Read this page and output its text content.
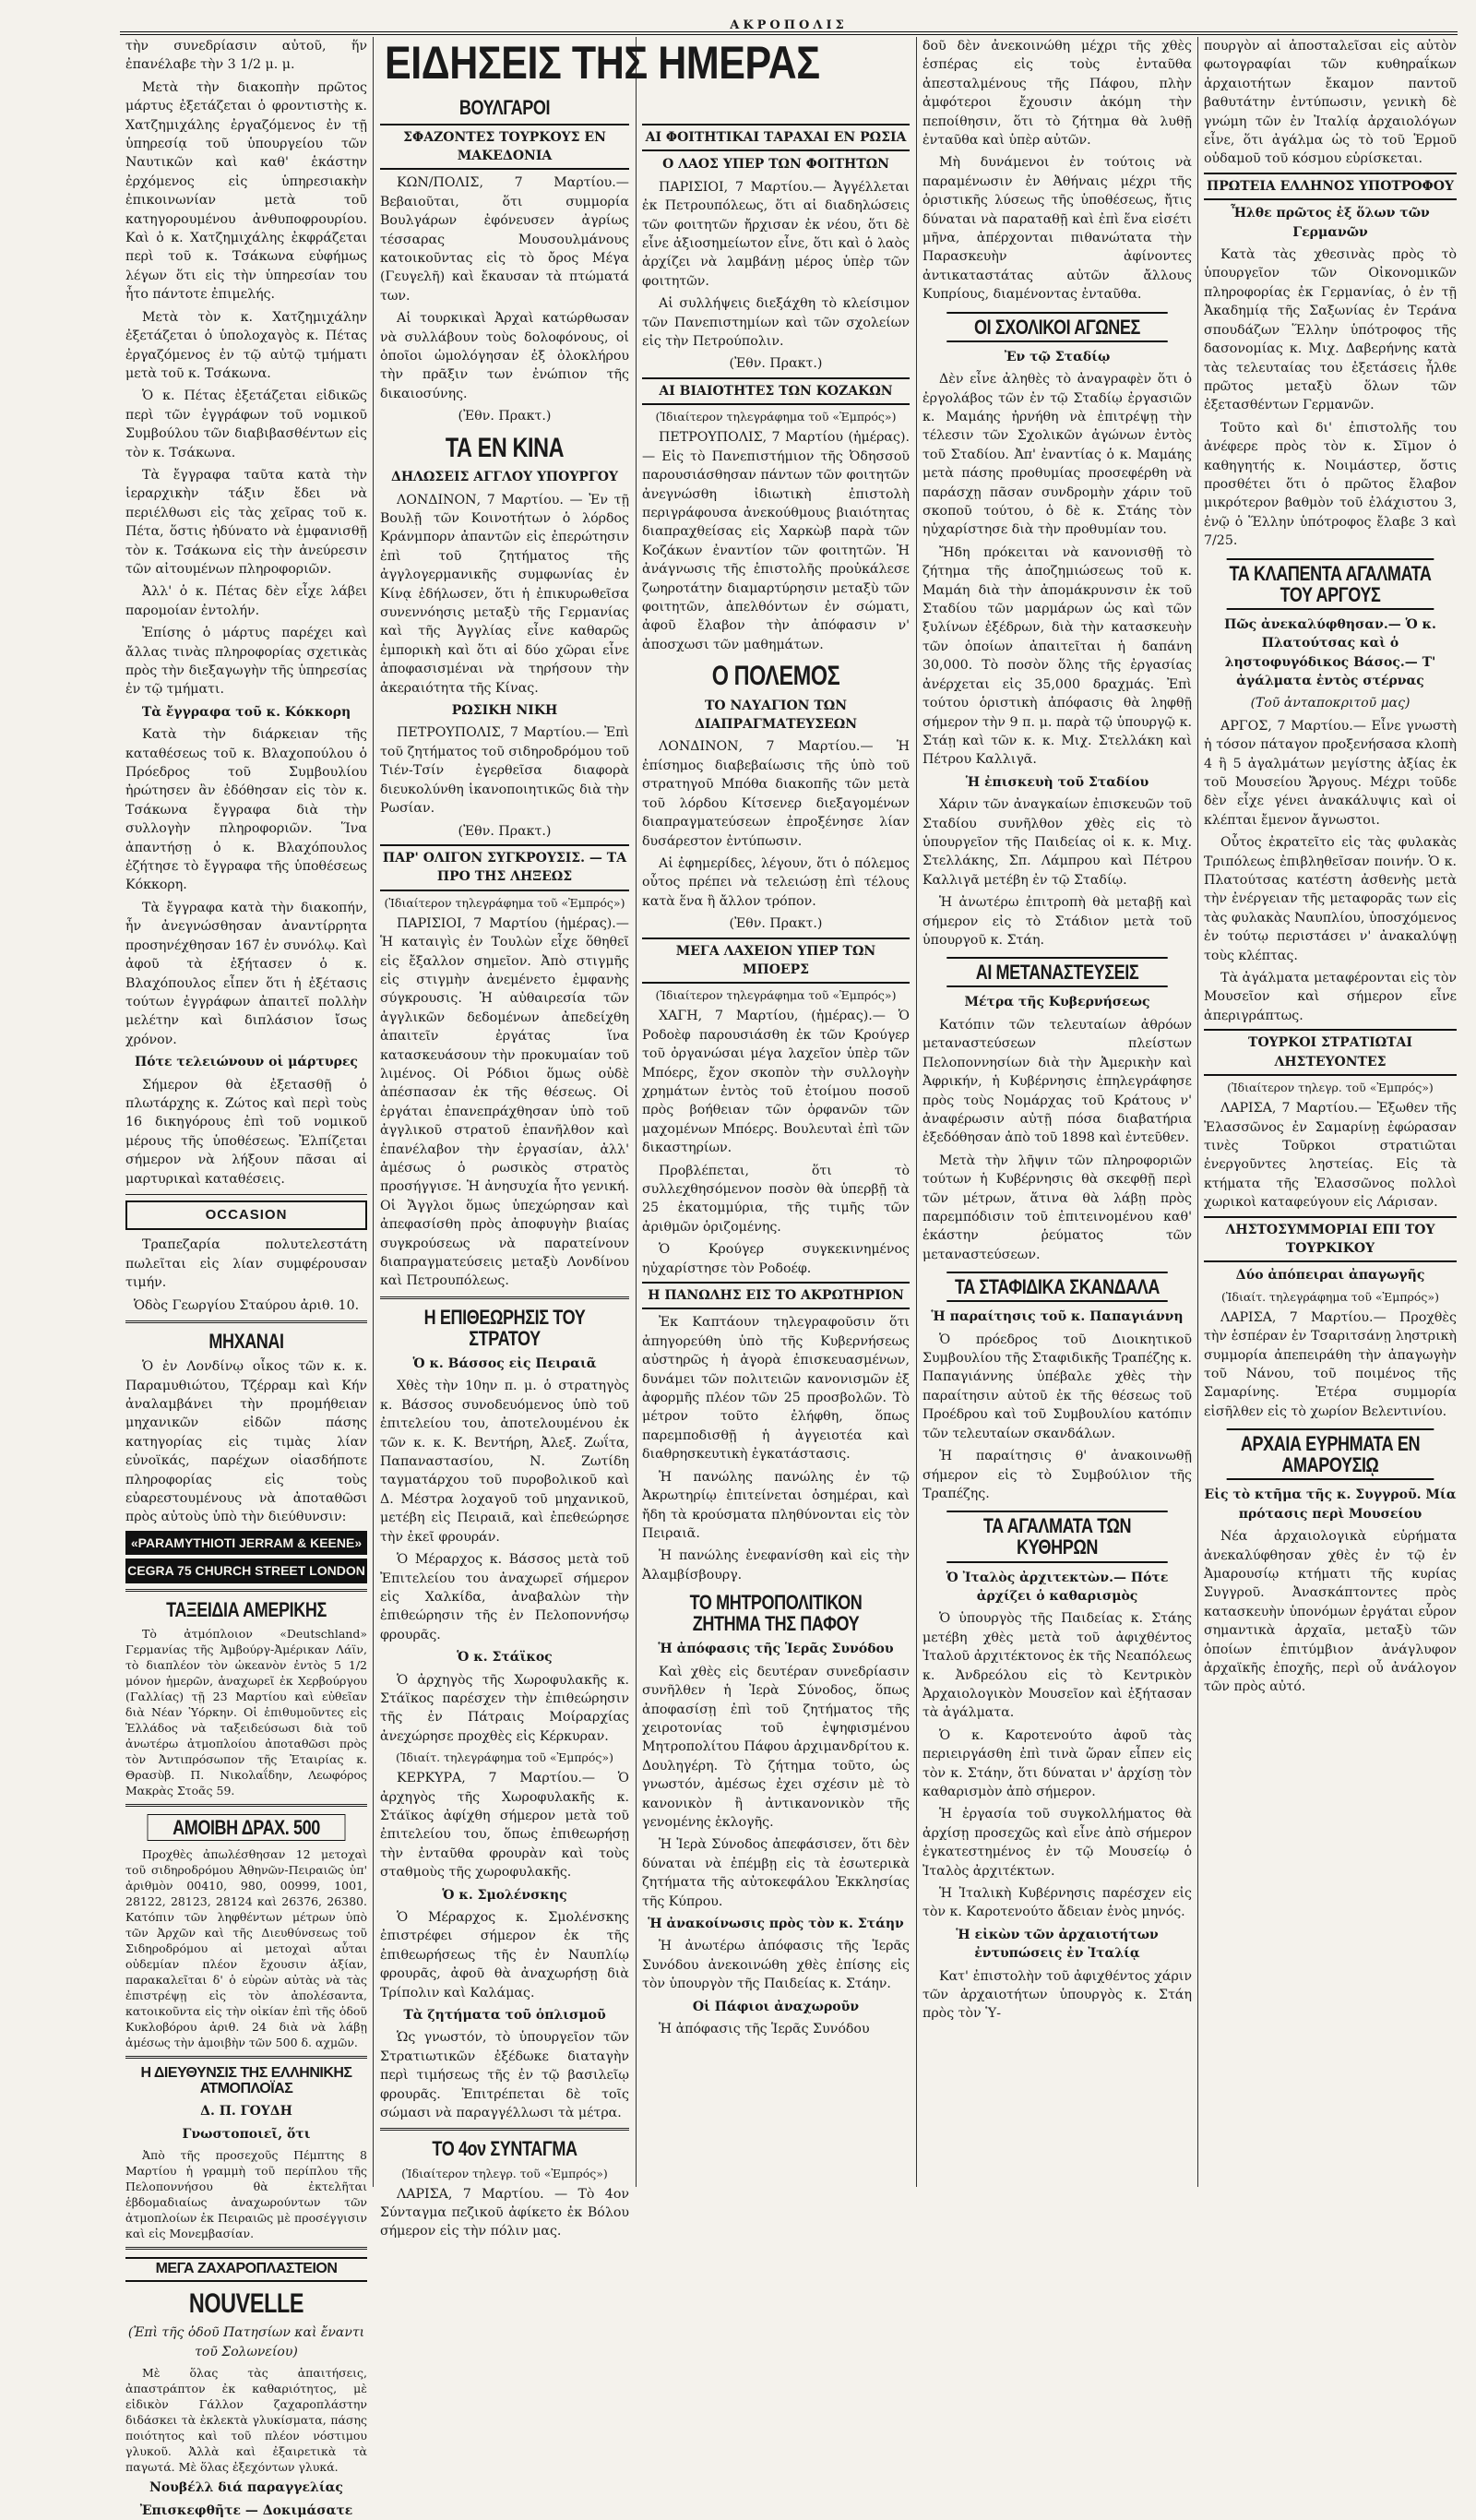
ΑΚΡΟΠΟΛΙΣ

τὴν συνεδρίασιν αὐτοῦ, ἥν ἐπανέλαβε τὴν 3 1/2 μ. μ.

Μετὰ τὴν διακοπὴν πρῶτος μάρτυς ἐξετάζεται ὁ φροντιστὴς κ. Χατζημιχάλης ἐργαζόμενος ἐν τῇ ὑπηρεσίᾳ τοῦ ὑπουργείου τῶν Ναυτικῶν καὶ καθ' ἑκάστην ἐρχόμενος εἰς ὑπηρεσιακὴν ἐπικοινωνίαν μετὰ τοῦ κατηγορουμένου ἀνθυποφρουρίου. Καὶ ὁ κ. Χατζημιχάλης ἐκφράζεται περὶ τοῦ κ. Τσάκωνα εὐφήμως λέγων ὅτι εἰς τὴν ὑπηρεσίαν του ἦτο πάντοτε ἐπιμελής.

Μετὰ τὸν κ. Χατζημιχάλην ἐξετάζεται ὁ ὑπολοχαγὸς κ. Πέτας ἐργαζόμενος ἐν τῷ αὐτῷ τμήματι μετὰ τοῦ κ. Τσάκωνα.

Ὁ κ. Πέτας ἐξετάζεται εἰδικῶς περὶ τῶν ἐγγράφων τοῦ νομικοῦ Συμβούλου τῶν διαβιβασθέντων εἰς τὸν κ. Τσάκωνα.

Τὰ ἔγγραφα ταῦτα κατὰ τὴν ἱεραρχικὴν τάξιν ἔδει νὰ περιέλθωσι εἰς τὰς χεῖρας τοῦ κ. Πέτα, ὅστις ἠδύνατο νὰ ἐμφανισθῇ τὸν κ. Τσάκωνα εἰς τὴν ἀνεύρεσιν τῶν αἰτουμένων πληροφοριῶν.

Ἀλλ' ὁ κ. Πέτας δὲν εἶχε λάβει παρομοίαν ἐντολήν.

Ἐπίσης ὁ μάρτυς παρέχει καὶ ἄλλας τινὰς πληροφορίας σχετικὰς πρὸς τὴν διεξαγωγὴν τῆς ὑπηρεσίας ἐν τῷ τμήματι.

Τὰ ἔγγραφα τοῦ κ. Κόκκορη

Κατὰ τὴν διάρκειαν τῆς καταθέσεως τοῦ κ. Βλαχοπούλου ὁ Πρόεδρος τοῦ Συμβουλίου ἠρώτησεν ἂν ἐδόθησαν εἰς τὸν κ. Τσάκωνα ἔγγραφα διὰ τὴν συλλογὴν πληροφοριῶν. Ἵνα ἀπαντήσῃ ὁ κ. Βλαχόπουλος ἐζήτησε τὸ ἔγγραφα τῆς ὑποθέσεως Κόκκορη.

Τὰ ἔγγραφα κατὰ τὴν διακοπήν, ἦν ἀνεγνώσθησαν ἀναντίρρητα προσηνέχθησαν 167 ἐν συνόλῳ. Καὶ ἀφοῦ τὰ ἐξήτασεν ὁ κ. Βλαχόπουλος εἶπεν ὅτι ἡ ἐξέτασις τούτων ἐγγράφων ἀπαιτεῖ πολλὴν μελέτην καὶ διπλάσιον ἴσως χρόνον.

Πότε τελειώνουν οἱ μάρτυρες

Σήμερον θὰ ἐξετασθῇ ὁ πλωτάρχης κ. Ζώτος καὶ περὶ τοὺς 16 δικηγόρους ἐπὶ τοῦ νομικοῦ μέρους τῆς ὑποθέσεως. Ἐλπίζεται σήμερον νὰ λήξουν πᾶσαι αἱ μαρτυρικαὶ καταθέσεις.

OCCASION

Τραπεζαρία πολυτελεστάτη πωλεῖται εἰς λίαν συμφέρουσαν τιμήν.

Ὁδὸς Γεωργίου Σταύρου ἀριθ. 10.

ΜΗΧΑΝΑΙ

Ὁ ἐν Λονδίνῳ οἶκος τῶν κ. κ. Παραμυθιώτου, Τζέρραμ καὶ Κήν ἀναλαμβάνει τὴν προμήθειαν μηχανικῶν εἰδῶν πάσης κατηγορίας εἰς τιμὰς λίαν εὐνοϊκάς, παρέχων οἱασδήποτε πληροφορίας εἰς τοὺς εὐαρεστουμένους νὰ ἀποταθῶσι πρὸς αὐτοὺς ὑπὸ τὴν διεύθυνσιν:

«PARAMYTHIOTI JERRAM & KEENE»
CEGRA 75 CHURCH STREET LONDON
ΤΑΞΕΙΔΙΑ ΑΜΕΡΙΚΗΣ

Τὸ ἀτμόπλοιον «Deutschland» Γερμανίας τῆς Ἀμβούργ-Ἀμέρικαν Λάϊν, τὸ διαπλέον τὸν ὠκεανὸν ἐντὸς 5 1/2 μόνον ἡμερῶν, ἀναχωρεῖ ἐκ Χερβούργου (Γαλλίας) τῇ 23 Μαρτίου καὶ εὐθεῖαν διὰ Νέαν Ὑόρκην. Οἱ ἐπιθυμοῦντες εἰς Ἑλλάδος νὰ ταξειδεύσωσι διὰ τοῦ ἀνωτέρω ἀτμοπλοίου ἀποταθῶσι πρὸς τὸν Ἀντιπρόσωπον τῆς Ἑταιρίας κ. Θρασὺβ. Π. Νικολαΐδην, Λεωφόρος Μακρὰς Στοᾶς 59.

ΑΜΟΙΒΗ ΔΡΑΧ. 500

Προχθὲς ἀπωλέσθησαν 12 μετοχαὶ τοῦ σιδηροδρόμου Ἀθηνῶν-Πειραιῶς ὑπ' ἀριθμὸν 00410, 980, 00999, 1001, 28122, 28123, 28124 καὶ 26376, 26380. Κατόπιν τῶν ληφθέντων μέτρων ὑπὸ τῶν Ἀρχῶν καὶ τῆς Διευθύνσεως τοῦ Σιδηροδρόμου αἱ μετοχαὶ αὗται οὐδεμίαν πλέον ἔχουσιν ἀξίαν, παρακαλεῖται δ' ὁ εὑρὼν αὐτὰς νὰ τὰς ἐπιστρέψῃ εἰς τὸν ἀπολέσαντα, κατοικοῦντα εἰς τὴν οἰκίαν ἐπὶ τῆς ὁδοῦ Κυκλοβόρου ἀριθ. 24 διὰ νὰ λάβῃ ἀμέσως τὴν ἀμοιβὴν τῶν 500 δ. αχμῶν.

Η ΔΙΕΥΘΥΝΣΙΣ ΤΗΣ ΕΛΛΗΝΙΚΗΣ ΑΤΜΟΠΛΟΪΑΣ
Δ. Π. ΓΟΥΔΗ
Γνωστοποιεῖ, ὅτι

Ἀπὸ τῆς προσεχοῦς Πέμπτης 8 Μαρτίου ἡ γραμμὴ τοῦ περίπλου τῆς Πελοποννήσου θὰ ἐκτελῆται ἑβδομαδιαίως ἀναχωρούντων τῶν ἀτμοπλοίων ἐκ Πειραιῶς μὲ προσέγγισιν καὶ εἰς Μονεμβασίαν.

ΜΕΓΑ ΖΑΧΑΡΟΠΛΑΣΤΕΙΟΝ
NOUVELLE
(Ἐπὶ τῆς ὁδοῦ Πατησίων καὶ ἔναντι τοῦ Σολωνείου)

Μὲ ὅλας τὰς ἀπαιτήσεις, ἀπαστράπτον ἐκ καθαριότητος, μὲ εἰδικὸν Γάλλον ζαχαροπλάστην διδάσκει τὰ ἐκλεκτὰ γλυκίσματα, πάσης ποιότητος καὶ τοῦ πλέον νόστιμου γλυκοῦ. Ἀλλὰ καὶ ἐξαιρετικὰ τὰ παγωτά. Μὲ ὅλας ἐξεχόντων γλυκά.

Νουβέλλ διά παραγγελίας
Ἐπισκεφθῆτε — Δοκιμάσατε
ΕΙΔΗΣΕΙΣ ΤΗΣ ΗΜΕΡΑΣ
ΒΟΥΛΓΑΡΟΙ
ΣΦΑΖΟΝΤΕΣ ΤΟΥΡΚΟΥΣ ΕΝ ΜΑΚΕΔΟΝΙΑ

ΚΩΝ/ΠΟΛΙΣ, 7 Μαρτίου.— Βεβαιοῦται, ὅτι συμμορία Βουλγάρων ἐφόνευσεν ἀγρίως τέσσαρας Μουσουλμάνους κατοικοῦντας εἰς τὸ ὄρος Μέγα (Γευγελῆ) καὶ ἔκαυσαν τὰ πτώματά των.

Αἱ τουρκικαὶ Ἀρχαὶ κατώρθωσαν νὰ συλλάβουν τοὺς δολοφόνους, οἱ ὁποῖοι ὡμολόγησαν ἐξ ὁλοκλήρου τὴν πρᾶξιν των ἐνώπιον τῆς δικαιοσύνης.

(Ἐθν. Πρακτ.)

ΤΑ ΕΝ ΚΙΝΑ
ΔΗΛΩΣΕΙΣ ΑΓΓΛΟΥ ΥΠΟΥΡΓΟΥ

ΛΟΝΔΙΝΟΝ, 7 Μαρτίου. — Ἐν τῇ Βουλῇ τῶν Κοινοτήτων ὁ λόρδος Κράνμπορν ἀπαντῶν εἰς ἐπερώτησιν ἐπὶ τοῦ ζητήματος τῆς ἀγγλογερμανικῆς συμφωνίας ἐν Κίνᾳ ἐδήλωσεν, ὅτι ἡ ἐπικυρωθεῖσα συνεννόησις μεταξὺ τῆς Γερμανίας καὶ τῆς Ἀγγλίας εἶνε καθαρῶς ἐμπορικὴ καὶ ὅτι αἱ δύο χῶραι εἶνε ἀποφασισμέναι νὰ τηρήσουν τὴν ἀκεραιότητα τῆς Κίνας.

ΡΩΣΙΚΗ ΝΙΚΗ

ΠΕΤΡΟΥΠΟΛΙΣ, 7 Μαρτίου.— Ἐπὶ τοῦ ζητήματος τοῦ σιδηροδρόμου τοῦ Τιέν-Τσίν ἐγερθεῖσα διαφορὰ διευκολύνθη ἱκανοποιητικῶς διὰ τὴν Ρωσίαν.

(Ἐθν. Πρακτ.)

ΠΑΡ' ΟΛΙΓΟΝ ΣΥΓΚΡΟΥΣΙΣ. — ΤΑ ΠΡΟ ΤΗΣ ΛΗΞΕΩΣ

(Ἰδιαίτερον τηλεγράφημα τοῦ «Ἐμπρός»)

ΠΑΡΙΣΙΟΙ, 7 Μαρτίου (ἡμέρας).— Ἡ καταιγὶς ἐν Τουλὼν εἶχε ὅθηθεῖ εἰς ἔξαλλον σημεῖον. Ἀπὸ στιγμῆς εἰς στιγμὴν ἀνεμένετο ἐμφανὴς σύγκρουσις. Ἡ αὐθαιρεσία τῶν ἀγγλικῶν δεδομένων ἀπεδείχθη ἀπαιτεῖν ἐργάτας ἵνα κατασκευάσουν τὴν προκυμαίαν τοῦ λιμένος. Οἱ Ρόδιοι ὅμως οὐδὲ ἀπέσπασαν ἐκ τῆς θέσεως. Οἱ ἐργάται ἐπανεπράχθησαν ὑπὸ τοῦ ἀγγλικοῦ στρατοῦ ἐπανῆλθον καὶ ἐπανέλαβον τὴν ἐργασίαν, ἀλλ' ἀμέσως ὁ ρωσικὸς στρατὸς προσήγγισε. Ἡ ἀνησυχία ἦτο γενική. Οἱ Ἄγγλοι ὅμως ὑπεχώρησαν καὶ ἀπεφασίσθη πρὸς ἀποφυγὴν βιαίας συγκρούσεως νὰ παρατείνουν διαπραγματεύσεις μεταξὺ Λονδίνου καὶ Πετρουπόλεως.

Η ΕΠΙΘΕΩΡΗΣΙΣ ΤΟΥ ΣΤΡΑΤΟΥ
Ὁ κ. Βάσσος εἰς Πειραιᾶ

Χθὲς τὴν 10ην π. μ. ὁ στρατηγὸς κ. Βάσσος συνοδευόμενος ὑπὸ τοῦ ἐπιτελείου του, ἀποτελουμένου ἐκ τῶν κ. κ. Κ. Βεντήρη, Ἀλεξ. Ζωΐτα, Παπαναστασίου, Ν. Ζωτίδη ταγματάρχου τοῦ πυροβολικοῦ καὶ Δ. Μέστρα λοχαγοῦ τοῦ μηχανικοῦ, μετέβη εἰς Πειραιᾶ, καὶ ἐπεθεώρησε τὴν ἐκεῖ φρουράν.

Ὁ Μέραρχος κ. Βάσσος μετὰ τοῦ Ἐπιτελείου του ἀναχωρεῖ σήμερον εἰς Χαλκίδα, ἀναβαλὼν τὴν ἐπιθεώρησιν τῆς ἐν Πελοποννήσῳ φρουρᾶς.

Ὁ κ. Στάϊκος

Ὁ ἀρχηγὸς τῆς Χωροφυλακῆς κ. Στάϊκος παρέσχεν τὴν ἐπιθεώρησιν τῆς ἐν Πάτραις Μοίραρχίας ἀνεχώρησε προχθὲς εἰς Κέρκυραν.

(Ἰδιαίτ. τηλεγράφημα τοῦ «Ἐμπρός»)

ΚΕΡΚΥΡΑ, 7 Μαρτίου.— Ὁ ἀρχηγὸς τῆς Χωροφυλακῆς κ. Στάϊκος ἀφίχθη σήμερον μετὰ τοῦ ἐπιτελείου του, ὅπως ἐπιθεωρήσῃ τὴν ἐνταῦθα φρουρὰν καὶ τοὺς σταθμοὺς τῆς χωροφυλακῆς.

Ὁ κ. Σμολένσκης

Ὁ Μέραρχος κ. Σμολένσκης ἐπιστρέφει σήμερον ἐκ τῆς ἐπιθεωρήσεως τῆς ἐν Ναυπλίῳ φρουρᾶς, ἀφοῦ θὰ ἀναχωρήσῃ διὰ Τρίπολιν καὶ Καλάμας.

Τὰ ζητήματα τοῦ ὁπλισμοῦ

Ὡς γνωστόν, τὸ ὑπουργεῖον τῶν Στρατιωτικῶν ἐξέδωκε διαταγὴν περὶ τιμήσεως τῆς ἐν τῷ βασιλεῖῳ φρουρᾶς. Ἐπιτρέπεται δὲ τοῖς σώμασι νὰ παραγγέλλωσι τὰ μέτρα.

ΤΟ 4ον ΣΥΝΤΑΓΜΑ

(Ἰδιαίτερον τηλεγρ. τοῦ «Ἐμπρός»)

ΛΑΡΙΣΑ, 7 Μαρτίου. — Τὸ 4ον Σύνταγμα πεζικοῦ ἀφίκετο ἐκ Βόλου σήμερον εἰς τὴν πόλιν μας.

ΑΙ ΦΟΙΤΗΤΙΚΑΙ ΤΑΡΑΧΑΙ ΕΝ ΡΩΣΙΑ
Ο ΛΑΟΣ ΥΠΕΡ ΤΩΝ ΦΟΙΤΗΤΩΝ

ΠΑΡΙΣΙΟΙ, 7 Μαρτίου.— Ἀγγέλλεται ἐκ Πετρουπόλεως, ὅτι αἱ διαδηλώσεις τῶν φοιτητῶν ἤρχισαν ἐκ νέου, ὅτι δὲ εἶνε ἀξιοσημείωτον εἶνε, ὅτι καὶ ὁ λαὸς ἀρχίζει νὰ λαμβάνῃ μέρος ὑπὲρ τῶν φοιτητῶν.

Αἱ συλλήψεις διεξάχθη τὸ κλείσιμον τῶν Πανεπιστημίων καὶ τῶν σχολείων εἰς τὴν Πετρούπολιν.

(Ἐθν. Πρακτ.)

ΑΙ ΒΙΑΙΟΤΗΤΕΣ ΤΩΝ ΚΟΖΑΚΩΝ

(Ἰδιαίτερον τηλεγράφημα τοῦ «Ἐμπρός»)

ΠΕΤΡΟΥΠΟΛΙΣ, 7 Μαρτίου (ἡμέρας).— Εἰς τὸ Πανεπιστήμιον τῆς Ὀδησσοῦ παρουσιάσθησαν πάντων τῶν φοιτητῶν ἀνεγνώσθη ἰδιωτικὴ ἐπιστολὴ περιγράφουσα ἀνεκούθμους βιαιότητας διαπραχθείσας εἰς Χαρκὼβ παρὰ τῶν Κοζάκων ἐναντίον τῶν φοιτητῶν. Ἡ ἀνάγνωσις τῆς ἐπιστολῆς προὐκάλεσε ζωηροτάτην διαμαρτύρησιν μεταξὺ τῶν φοιτητῶν, ἀπελθόντων ἐν σώματι, ἀφοῦ ἔλαβον τὴν ἀπόφασιν ν' ἀποσχωσι τῶν μαθημάτων.

Ο ΠΟΛΕΜΟΣ
ΤΟ ΝΑΥΑΓΙΟΝ ΤΩΝ ΔΙΑΠΡΑΓΜΑΤΕΥΣΕΩΝ

ΛΟΝΔΙΝΟΝ, 7 Μαρτίου.— Ἡ ἐπίσημος διαβεβαίωσις τῆς ὑπὸ τοῦ στρατηγοῦ Μπόθα διακοπῆς τῶν μετὰ τοῦ λόρδου Κίτσενερ διεξαγομένων διαπραγματεύσεων ἐπροξένησε λίαν δυσάρεστον ἐντύπωσιν.

Αἱ ἐφημερίδες, λέγουν, ὅτι ὁ πόλεμος οὗτος πρέπει νὰ τελειώσῃ ἐπὶ τέλους κατὰ ἕνα ἢ ἄλλον τρόπον.

(Ἐθν. Πρακτ.)

ΜΕΓΑ ΛΑΧΕΙΟΝ ΥΠΕΡ ΤΩΝ ΜΠΟΕΡΣ

(Ἰδιαίτερον τηλεγράφημα τοῦ «Ἐμπρός»)

ΧΑΓΗ, 7 Μαρτίου, (ἡμέρας).— Ὁ Ροδοὲφ παρουσιάσθη ἐκ τῶν Κρούγερ τοῦ ὀργανώσαι μέγα λαχεῖον ὑπὲρ τῶν Μπόερς, ἔχον σκοπὸν τὴν συλλογὴν χρημάτων ἐντὸς τοῦ ἐτοίμου ποσοῦ πρὸς βοήθειαν τῶν ὀρφανῶν τῶν μαχομένων Μπόερς. Βουλευταὶ ἐπὶ τῶν δικαστηρίων.

Προβλέπεται, ὅτι τὸ συλλεχθησόμενον ποσὸν θὰ ὑπερβῇ τὰ 25 ἑκατομμύρια, τῆς τιμῆς τῶν ἀριθμῶν ὁριζομένης.

Ὁ Κρούγερ συγκεκινημένος ηὐχαρίστησε τὸν Ροδοέφ.

Η ΠΑΝΩΛΗΣ ΕΙΣ ΤΟ ΑΚΡΩΤΗΡΙΟΝ

Ἐκ Καπτάουν τηλεγραφοῦσιν ὅτι ἀπηγορεύθη ὑπὸ τῆς Κυβερνήσεως αὐστηρῶς ἡ ἀγορὰ ἐπισκευασμένων, δυνάμει τῶν πολιτειῶν κανονισμῶν ἐξ ἀφορμῆς πλέον τῶν 25 προσβολῶν. Τὸ μέτρον τοῦτο ἐλήφθη, ὅπως παρεμποδισθῇ ἡ ἀγγειοτέα καὶ διαθρησκευτικὴ ἐγκατάστασις.

Ἡ πανώλης πανώλης ἐν τῷ Ἀκρωτηρίῳ ἐπιτείνεται ὁσημέραι, καὶ ἤδη τὰ κρούσματα πληθύνονται εἰς τὸν Πειραιᾶ.

Ἡ πανώλης ἐνεφανίσθη καὶ εἰς τὴν Ἀλαμβίσβουργ.

ΤΟ ΜΗΤΡΟΠΟΛΙΤΙΚΟΝ ΖΗΤΗΜΑ ΤΗΣ ΠΑΦΟΥ
Ἡ ἀπόφασις τῆς Ἱερᾶς Συνόδου

Καὶ χθὲς εἰς δευτέραν συνεδρίασιν συνῆλθεν ἡ Ἱερὰ Σύνοδος, ὅπως ἀποφασίσῃ ἐπὶ τοῦ ζητήματος τῆς χειροτονίας τοῦ ἐψηφισμένου Μητροπολίτου Πάφου ἀρχιμανδρίτου κ. Δουληγέρη. Τὸ ζήτημα τοῦτο, ὡς γνωστόν, ἀμέσως ἐχει σχέσιν μὲ τὸ κανονικὸν ἢ ἀντικανονικὸν τῆς γενομένης ἐκλογῆς.

Ἡ Ἱερὰ Σύνοδος ἀπεφάσισεν, ὅτι δὲν δύναται νὰ ἐπέμβῃ εἰς τὰ ἐσωτερικὰ ζητήματα τῆς αὐτοκεφάλου Ἐκκλησίας τῆς Κύπρου.

Ἡ ἀνακοίνωσις πρὸς τὸν κ. Στάην

Ἡ ἀνωτέρω ἀπόφασις τῆς Ἱερᾶς Συνόδου ἀνεκοινώθη χθὲς ἐπίσης εἰς τὸν ὑπουργὸν τῆς Παιδείας κ. Στάην.

Οἱ Πάφιοι ἀναχωροῦν

Ἡ ἀπόφασις τῆς Ἱερᾶς Συνόδου

δοῦ δὲν ἀνεκοινώθη μέχρι τῆς χθὲς ἑσπέρας εἰς τοὺς ἐνταῦθα ἀπεσταλμένους τῆς Πάφου, πλὴν ἀμφότεροι ἔχουσιν ἀκόμη τὴν πεποίθησιν, ὅτι τὸ ζήτημα θὰ λυθῇ ἐνταῦθα καὶ ὑπὲρ αὐτῶν.

Μὴ δυνάμενοι ἐν τούτοις νὰ παραμένωσιν ἐν Ἀθήναις μέχρι τῆς ὁριστικῆς λύσεως τῆς ὑποθέσεως, ἤτις δύναται νὰ παραταθῇ καὶ ἐπὶ ἕνα εἰσέτι μῆνα, ἀπέρχονται πιθανώτατα τὴν Παρασκευὴν ἀφίνοντες ἀντικαταστάτας αὐτῶν ἄλλους Κυπρίους, διαμένοντας ἐνταῦθα.

ΟΙ ΣΧΟΛΙΚΟΙ ΑΓΩΝΕΣ
Ἐν τῷ Σταδίῳ

Δὲν εἶνε ἀληθὲς τὸ ἀναγραφὲν ὅτι ὁ ἐργολάβος τῶν ἐν τῷ Σταδίῳ ἐργασιῶν κ. Μαμάης ἠρνήθη νὰ ἐπιτρέψῃ τὴν τέλεσιν τῶν Σχολικῶν ἀγώνων ἐντὸς τοῦ Σταδίου. Ἀπ' ἐναντίας ὁ κ. Μαμάης μετὰ πάσης προθυμίας προσεφέρθη νὰ παράσχῃ πᾶσαν συνδρομὴν χάριν τοῦ σκοποῦ τούτου, ὁ δὲ κ. Στάης τὸν ηὐχαρίστησε διὰ τὴν προθυμίαν του.

Ἤδη πρόκειται νὰ κανονισθῇ τὸ ζήτημα τῆς ἀποζημιώσεως τοῦ κ. Μαμάη διὰ τὴν ἀπομάκρυνσιν ἐκ τοῦ Σταδίου τῶν μαρμάρων ὡς καὶ τῶν ξυλίνων ἐξέδρων, διὰ τὴν κατασκευὴν τῶν ὁποίων ἀπαιτεῖται ἡ δαπάνη 30,000. Τὸ ποσὸν ὅλης τῆς ἐργασίας ἀνέρχεται εἰς 35,000 δραχμάς. Ἐπὶ τούτου ὁριστικὴ ἀπόφασις θὰ ληφθῇ σήμερον τὴν 9 π. μ. παρὰ τῷ ὑπουργῷ κ. Στάῃ καὶ τῶν κ. κ. Μιχ. Στελλάκη καὶ Πέτρου Καλλιγᾶ.

Ἡ ἐπισκευὴ τοῦ Σταδίου

Χάριν τῶν ἀναγκαίων ἐπισκευῶν τοῦ Σταδίου συνῆλθον χθὲς εἰς τὸ ὑπουργεῖον τῆς Παιδείας οἱ κ. κ. Μιχ. Στελλάκης, Σπ. Λάμπρου καὶ Πέτρου Καλλιγᾶ μετέβη ἐν τῷ Σταδίῳ.

Ἡ ἀνωτέρω ἐπιτροπὴ θὰ μεταβῇ καὶ σήμερον εἰς τὸ Στάδιον μετὰ τοῦ ὑπουργοῦ κ. Στάη.

ΑΙ ΜΕΤΑΝΑΣΤΕΥΣΕΙΣ
Μέτρα τῆς Κυβερνήσεως

Κατόπιν τῶν τελευταίων ἀθρόων μεταναστεύσεων πλείστων Πελοποννησίων διὰ τὴν Ἀμερικὴν καὶ Ἀφρικήν, ἡ Κυβέρνησις ἐπηλεγράφησε πρὸς τοὺς Νομάρχας τοῦ Κράτους ν' ἀναφέρωσιν αὐτῇ πόσα διαβατήρια ἐξεδόθησαν ἀπὸ τοῦ 1898 καὶ ἐντεῦθεν.

Μετὰ τὴν λῆψιν τῶν πληροφοριῶν τούτων ἡ Κυβέρνησις θὰ σκεφθῇ περὶ τῶν μέτρων, ἅτινα θὰ λάβῃ πρὸς παρεμπόδισιν τοῦ ἐπιτεινομένου καθ' ἑκάστην ῥεύματος τῶν μεταναστεύσεων.

ΤΑ ΣΤΑΦΙΔΙΚΑ ΣΚΑΝΔΑΛΑ
Ἡ παραίτησις τοῦ κ. Παπαγιάννη

Ὁ πρόεδρος τοῦ Διοικητικοῦ Συμβουλίου τῆς Σταφιδικῆς Τραπέζης κ. Παπαγιάννης ὑπέβαλε χθὲς τὴν παραίτησιν αὐτοῦ ἐκ τῆς θέσεως τοῦ Προέδρου καὶ τοῦ Συμβουλίου κατόπιν τῶν τελευταίων σκανδάλων.

Ἡ παραίτησις θ' ἀνακοινωθῇ σήμερον εἰς τὸ Συμβούλιον τῆς Τραπέζης.

ΤΑ ΑΓΑΛΜΑΤΑ ΤΩΝ ΚΥΘΗΡΩΝ
Ὁ Ἰταλὸς ἀρχιτεκτὼν.— Πότε ἀρχίζει ὁ καθαρισμὸς

Ὁ ὑπουργὸς τῆς Παιδείας κ. Στάης μετέβη χθὲς μετὰ τοῦ ἀφιχθέντος Ἰταλοῦ ἀρχιτέκτονος ἐκ τῆς Νεαπόλεως κ. Ἀνδρεόλου εἰς τὸ Κεντρικὸν Ἀρχαιολογικὸν Μουσεῖον καὶ ἐξήτασαν τὰ ἀγάλματα.

Ὁ κ. Καροτενούτο ἀφοῦ τὰς περιειργάσθη ἐπὶ τινὰ ὥραν εἶπεν εἰς τὸν κ. Στάην, ὅτι δύναται ν' ἀρχίσῃ τὸν καθαρισμὸν ἀπὸ σήμερον.

Ἡ ἐργασία τοῦ συγκολλήματος θὰ ἀρχίσῃ προσεχῶς καὶ εἶνε ἀπὸ σήμερον ἐγκατεστημένος ἐν τῷ Μουσείῳ ὁ Ἰταλὸς ἀρχιτέκτων.

Ἡ Ἰταλικὴ Κυβέρνησις παρέσχεν εἰς τὸν κ. Καροτενούτο ἄδειαν ἑνὸς μηνός.

Ἡ εἰκὼν τῶν ἀρχαιοτήτων ἐντυπώσεις ἐν Ἰταλίᾳ

Κατ' ἐπιστολὴν τοῦ ἀφιχθέντος χάριν τῶν ἀρχαιοτήτων ὑπουργὸς κ. Στάη πρὸς τὸν Ὑ-

πουργὸν αἱ ἀποσταλεῖσαι εἰς αὐτὸν φωτογραφίαι τῶν κυθηραΐκων ἀρχαιοτήτων ἔκαμον παντοῦ βαθυτάτην ἐντύπωσιν, γενικὴ δὲ γνώμη τῶν ἐν Ἰταλίᾳ ἀρχαιολόγων εἶνε, ὅτι ἀγάλμα ὡς τὸ τοῦ Ἑρμοῦ οὐδαμοῦ τοῦ κόσμου εὑρίσκεται.

ΠΡΩΤΕΙΑ ΕΛΛΗΝΟΣ ΥΠΟΤΡΟΦΟΥ
Ἦλθε πρῶτος ἐξ ὅλων τῶν Γερμανῶν

Κατὰ τὰς χθεσινὰς πρὸς τὸ ὑπουργεῖον τῶν Οἰκονομικῶν πληροφορίας ἐκ Γερμανίας, ὁ ἐν τῇ Ἀκαδημίᾳ τῆς Σαξωνίας ἐν Τεράνα σπουδάζων Ἕλλην ὑπότροφος τῆς δασονομίας κ. Μιχ. Δαβερήνης κατὰ τὰς τελευταίας του ἐξετάσεις ἦλθε πρῶτος μεταξὺ ὅλων τῶν ἐξετασθέντων Γερμανῶν.

Τοῦτο καὶ δι' ἐπιστολῆς του ἀνέφερε πρὸς τὸν κ. Σῖμον ὁ καθηγητής κ. Νοιμάστερ, ὅστις προσθέτει ὅτι ὁ πρῶτος ἔλαβον μικρότερον βαθμὸν τοῦ ἐλάχιστου 3, ἐνῷ ὁ Ἕλλην ὑπότροφος ἔλαβε 3 καὶ 7/25.

ΤΑ ΚΛΑΠΕΝΤΑ ΑΓΑΛΜΑΤΑ ΤΟΥ ΑΡΓΟΥΣ
Πῶς ἀνεκαλύφθησαν.— Ὁ κ. Πλατούτσας καὶ ὁ ληστοφυγόδικος Βάσος.— Τ' ἀγάλματα ἐντὸς στέρνας
(Τοῦ ἀνταποκριτοῦ μας)

ΑΡΓΟΣ, 7 Μαρτίου.— Εἶνε γνωστὴ ἡ τόσον πάταγον προξενήσασα κλοπὴ 4 ἢ 5 ἀγαλμάτων μεγίστης ἀξίας ἐκ τοῦ Μουσείου Ἄργους. Μέχρι τοῦδε δὲν εἶχε γένει ἀνακάλυψις καὶ οἱ κλέπται ἔμενον ἄγνωστοι.

Οὗτος ἐκρατεῖτο εἰς τὰς φυλακὰς Τριπόλεως ἐπιβληθεῖσαν ποινήν. Ὁ κ. Πλατούτσας κατέστη ἀσθενὴς μετὰ τὴν ἐνέργειαν τῆς μεταφορᾶς των εἰς τὰς φυλακὰς Ναυπλίου, ὑποσχόμενος ἐν τούτῳ περιστάσει ν' ἀνακαλύψῃ τοὺς κλέπτας.

Τὰ ἀγάλματα μεταφέρονται εἰς τὸν Μουσεῖον καὶ σήμερον εἶνε ἀπεριγράπτως.

ΤΟΥΡΚΟΙ ΣΤΡΑΤΙΩΤΑΙ ΛΗΣΤΕΥΟΝΤΕΣ

(Ἰδιαίτερον τηλεγρ. τοῦ «Ἐμπρός»)

ΛΑΡΙΣΑ, 7 Μαρτίου.— Ἐξωθεν τῆς Ἐλασσῶνος ἐν Σαμαρίνῃ ἐφώρασαν τινὲς Τοῦρκοι στρατιῶται ἐνεργοῦντες ληστείας. Εἰς τὰ κτήματα τῆς Ἐλασσῶνος πολλοὶ χωρικοὶ καταφεύγουν εἰς Λάρισαν.

ΛΗΣΤΟΣΥΜΜΟΡΙΑΙ ΕΠΙ ΤΟΥ ΤΟΥΡΚΙΚΟΥ
Δύο ἀπόπειραι ἀπαγωγῆς

(Ἰδιαίτ. τηλεγράφημα τοῦ «Ἐμπρός»)

ΛΑΡΙΣΑ, 7 Μαρτίου.— Προχθὲς τὴν ἑσπέραν ἐν Τσαριτσάνῃ ληστρικὴ συμμορία ἀπεπειράθη τὴν ἀπαγωγὴν τοῦ Νάνου, τοῦ ποιμένος τῆς Σαμαρίνης. Ἐτέρα συμμορία εἰσῆλθεν εἰς τὸ χωρίον Βελεντινίου.

ΑΡΧΑΙΑ ΕΥΡΗΜΑΤΑ ΕΝ ΑΜΑΡΟΥΣΙῼ
Εἰς τὸ κτῆμα τῆς κ. Συγγροῦ. Μία πρότασις περὶ Μουσείου

Νέα ἀρχαιολογικὰ εὑρήματα ἀνεκαλύφθησαν χθὲς ἐν τῷ ἐν Ἀμαρουσίῳ κτήματι τῆς κυρίας Συγγροῦ. Ἀνασκάπτοντες πρὸς κατασκευὴν ὑπονόμων ἐργάται εὗρον σημαντικὰ ἀρχαῖα, μεταξὺ τῶν ὁποίων ἐπιτύμβιον ἀνάγλυφον ἀρχαϊκῆς ἐποχῆς, περὶ οὗ ἀνάλογον τῶν πρὸς αὐτό.
